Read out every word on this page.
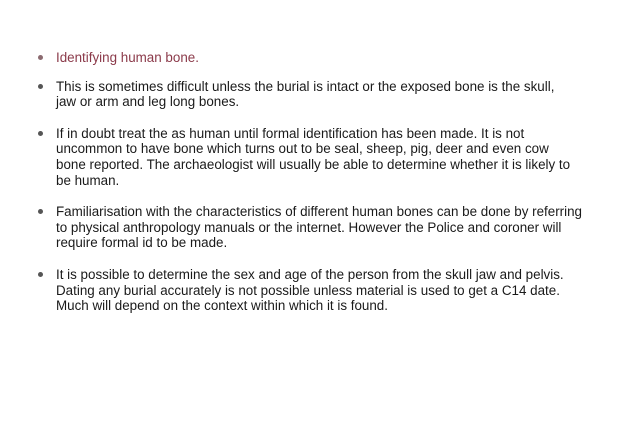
Identifying human bone.
This is sometimes difficult unless the burial is intact or the exposed bone is the skull, jaw or arm and leg long bones.
If in doubt treat the as human until formal identification has been made. It is not uncommon to have bone which turns out to be seal, sheep, pig, deer and even cow bone reported. The archaeologist will usually be able to determine whether it is likely to be human.
Familiarisation with the characteristics of different human bones can be done by referring to physical anthropology manuals or the internet. However the Police and coroner will require formal id to be made.
It is possible to determine the sex and age of the person from the skull jaw and pelvis. Dating any burial accurately is not possible unless material is used to get a C14 date. Much will depend on the context within which it is found.
